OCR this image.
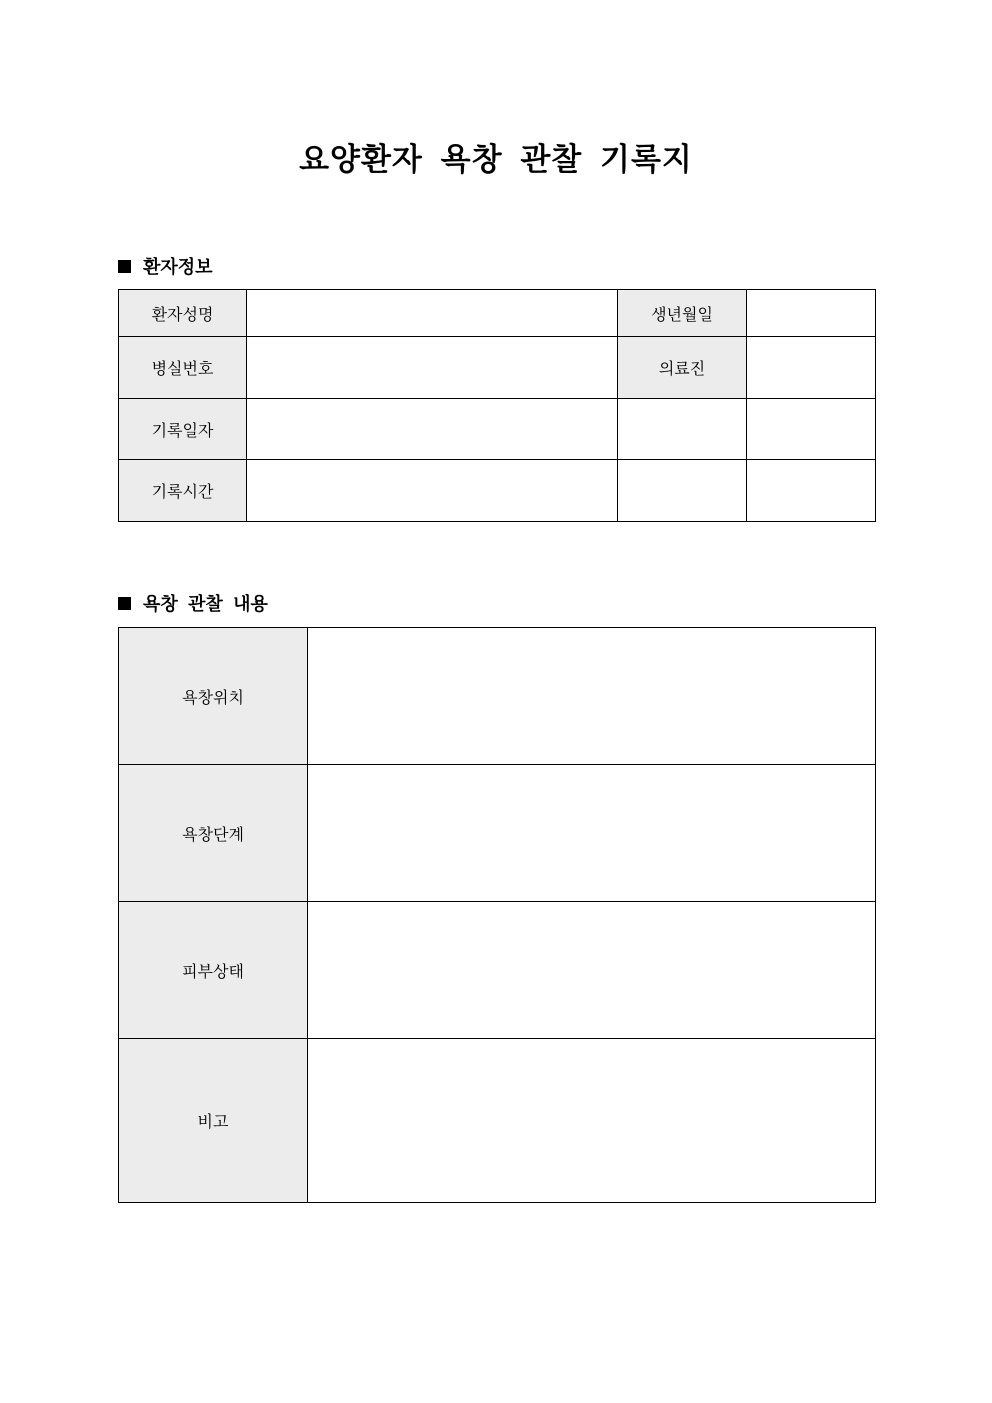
요양환자 욕창 관찰 기록지
환자정보
환자성명		생년월일	
병실번호		의료진	
기록일자			
기록시간			
욕창 관찰 내용
욕창위치	
욕창단계	
피부상태	
비고	
